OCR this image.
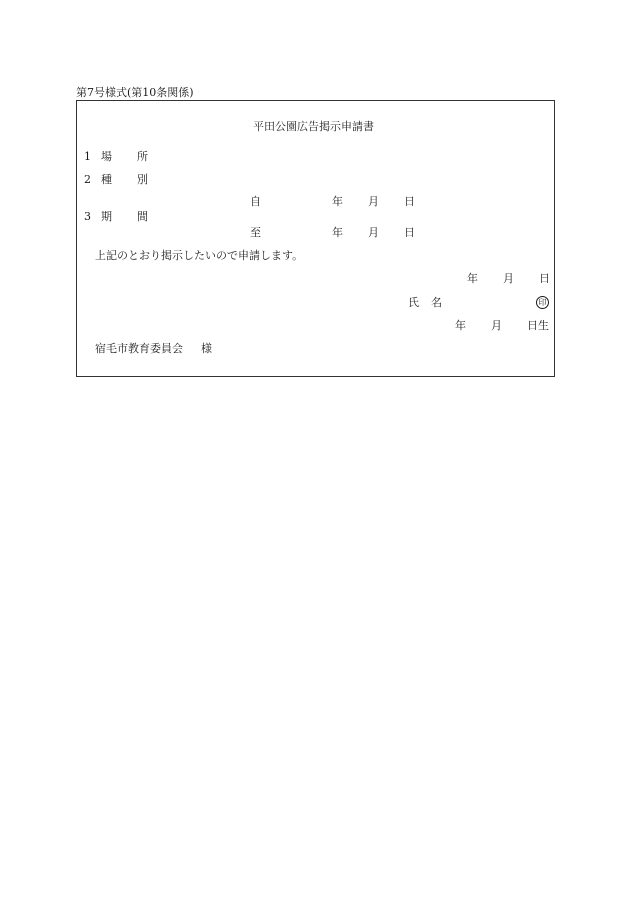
第7号様式(第10条関係)
平田公園広告掲示申請書
1 場 所
2 種 別
自	年 月 日
3 期 間
至	年 月 日
上記のとおり掲示したいので申請します。
年 月 日
氏 名	印
年 月 日生
宿毛市教育委員会 様
